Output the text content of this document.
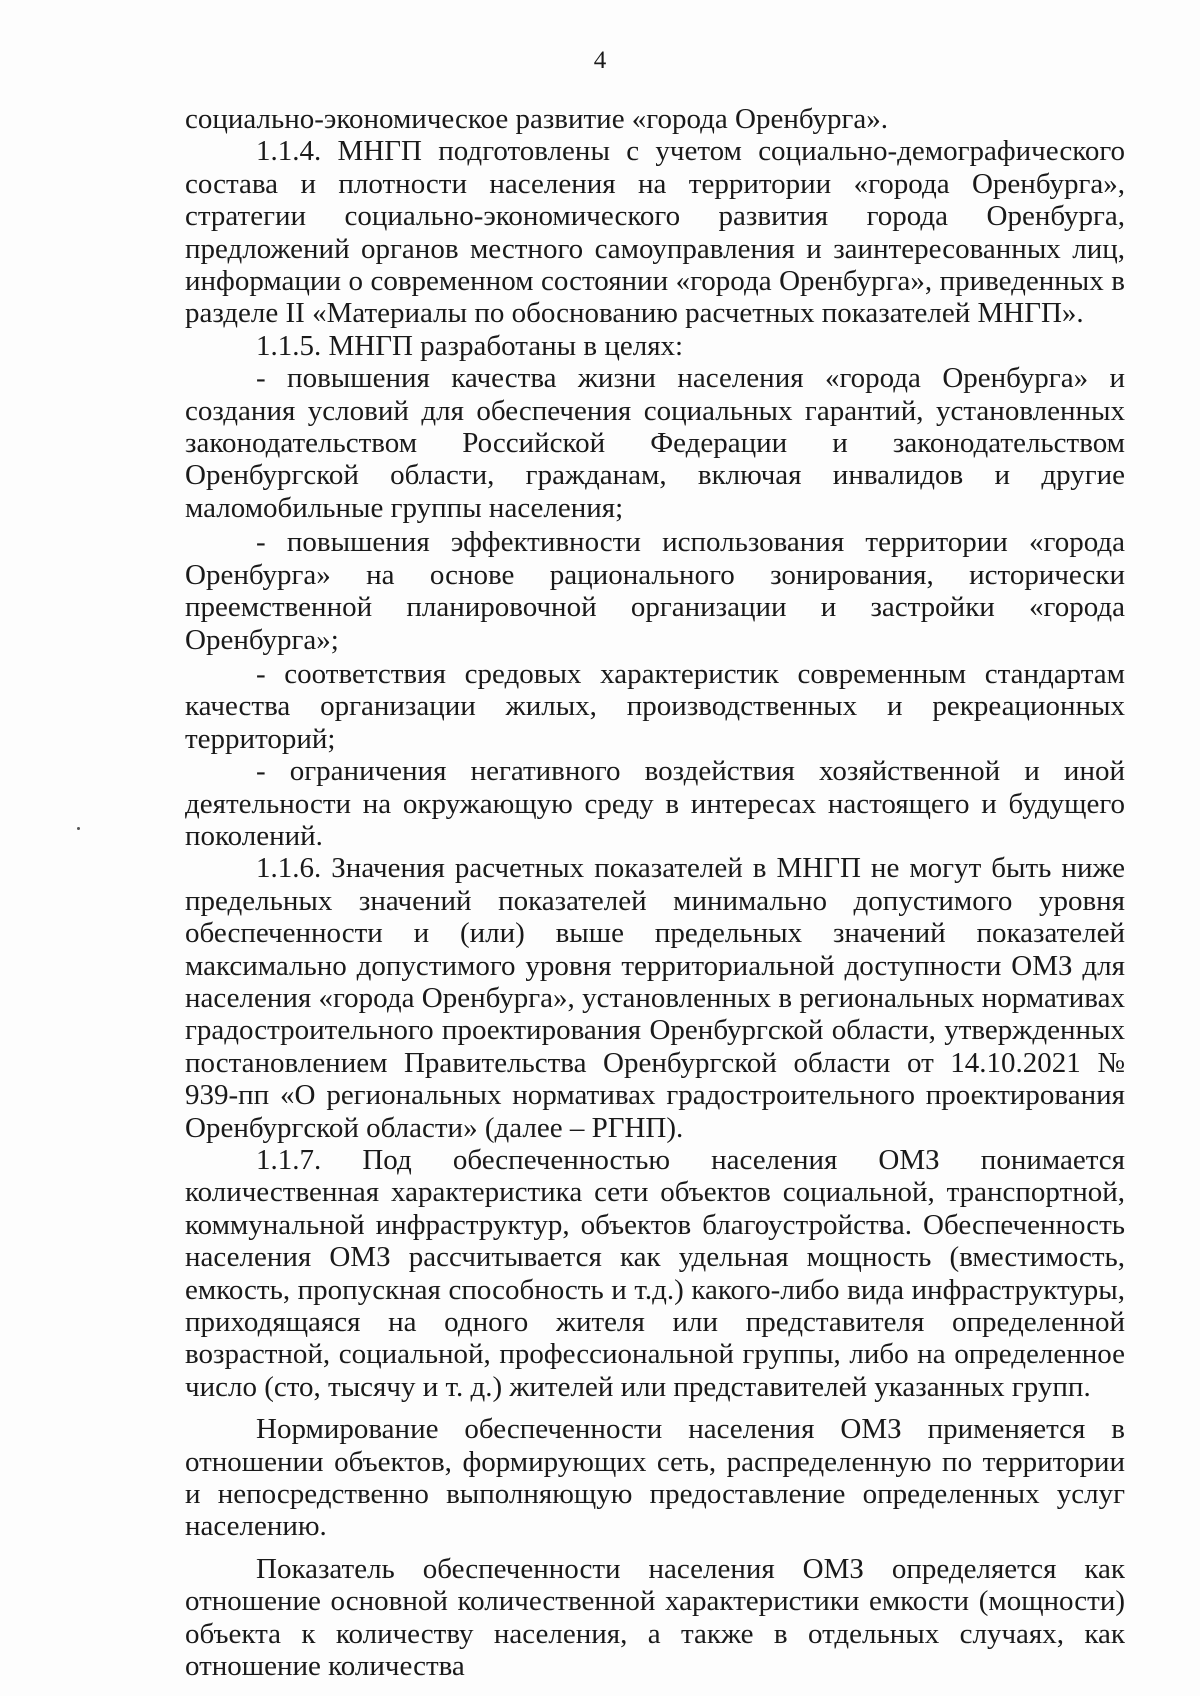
4

социально-экономическое развитие «города Оренбурга».

1.1.4. МНГП подготовлены с учетом социально-демографического состава и плотности населения на территории «города Оренбурга», стратегии социально-экономического развития города Оренбурга, предложений органов местного самоуправления и заинтересованных лиц, информации о современном состоянии «города Оренбурга», приведенных в разделе II «Материалы по обоснованию расчетных показателей МНГП».

1.1.5. МНГП разработаны в целях:

- повышения качества жизни населения «города Оренбурга» и создания условий для обеспечения социальных гарантий, установленных законодательством Российской Федерации и законодательством Оренбургской области, гражданам, включая инвалидов и другие маломобильные группы населения;

- повышения эффективности использования территории «города Оренбурга» на основе рационального зонирования, исторически преемственной планировочной организации и застройки «города Оренбурга»;

- соответствия средовых характеристик современным стандартам качества организации жилых, производственных и рекреационных территорий;

- ограничения негативного воздействия хозяйственной и иной деятельности на окружающую среду в интересах настоящего и будущего поколений.

1.1.6. Значения расчетных показателей в МНГП не могут быть ниже предельных значений показателей минимально допустимого уровня обеспеченности и (или) выше предельных значений показателей максимально допустимого уровня территориальной доступности ОМЗ для населения «города Оренбурга», установленных в региональных нормативах градостроительного проектирования Оренбургской области, утвержденных постановлением Правительства Оренбургской области от 14.10.2021 № 939-пп «О региональных нормативах градостроительного проектирования Оренбургской области» (далее – РГНП).

1.1.7. Под обеспеченностью населения ОМЗ понимается количественная характеристика сети объектов социальной, транспортной, коммунальной инфраструктур, объектов благоустройства. Обеспеченность населения ОМЗ рассчитывается как удельная мощность (вместимость, емкость, пропускная способность и т.д.) какого-либо вида инфраструктуры, приходящаяся на одного жителя или представителя определенной возрастной, социальной, профессиональной группы, либо на определенное число (сто, тысячу и т. д.) жителей или представителей указанных групп.

Нормирование обеспеченности населения ОМЗ применяется в отношении объектов, формирующих сеть, распределенную по территории и непосредственно выполняющую предоставление определенных услуг населению.

Показатель обеспеченности населения ОМЗ определяется как отношение основной количественной характеристики емкости (мощности) объекта к количеству населения, а также в отдельных случаях, как отношение количества
